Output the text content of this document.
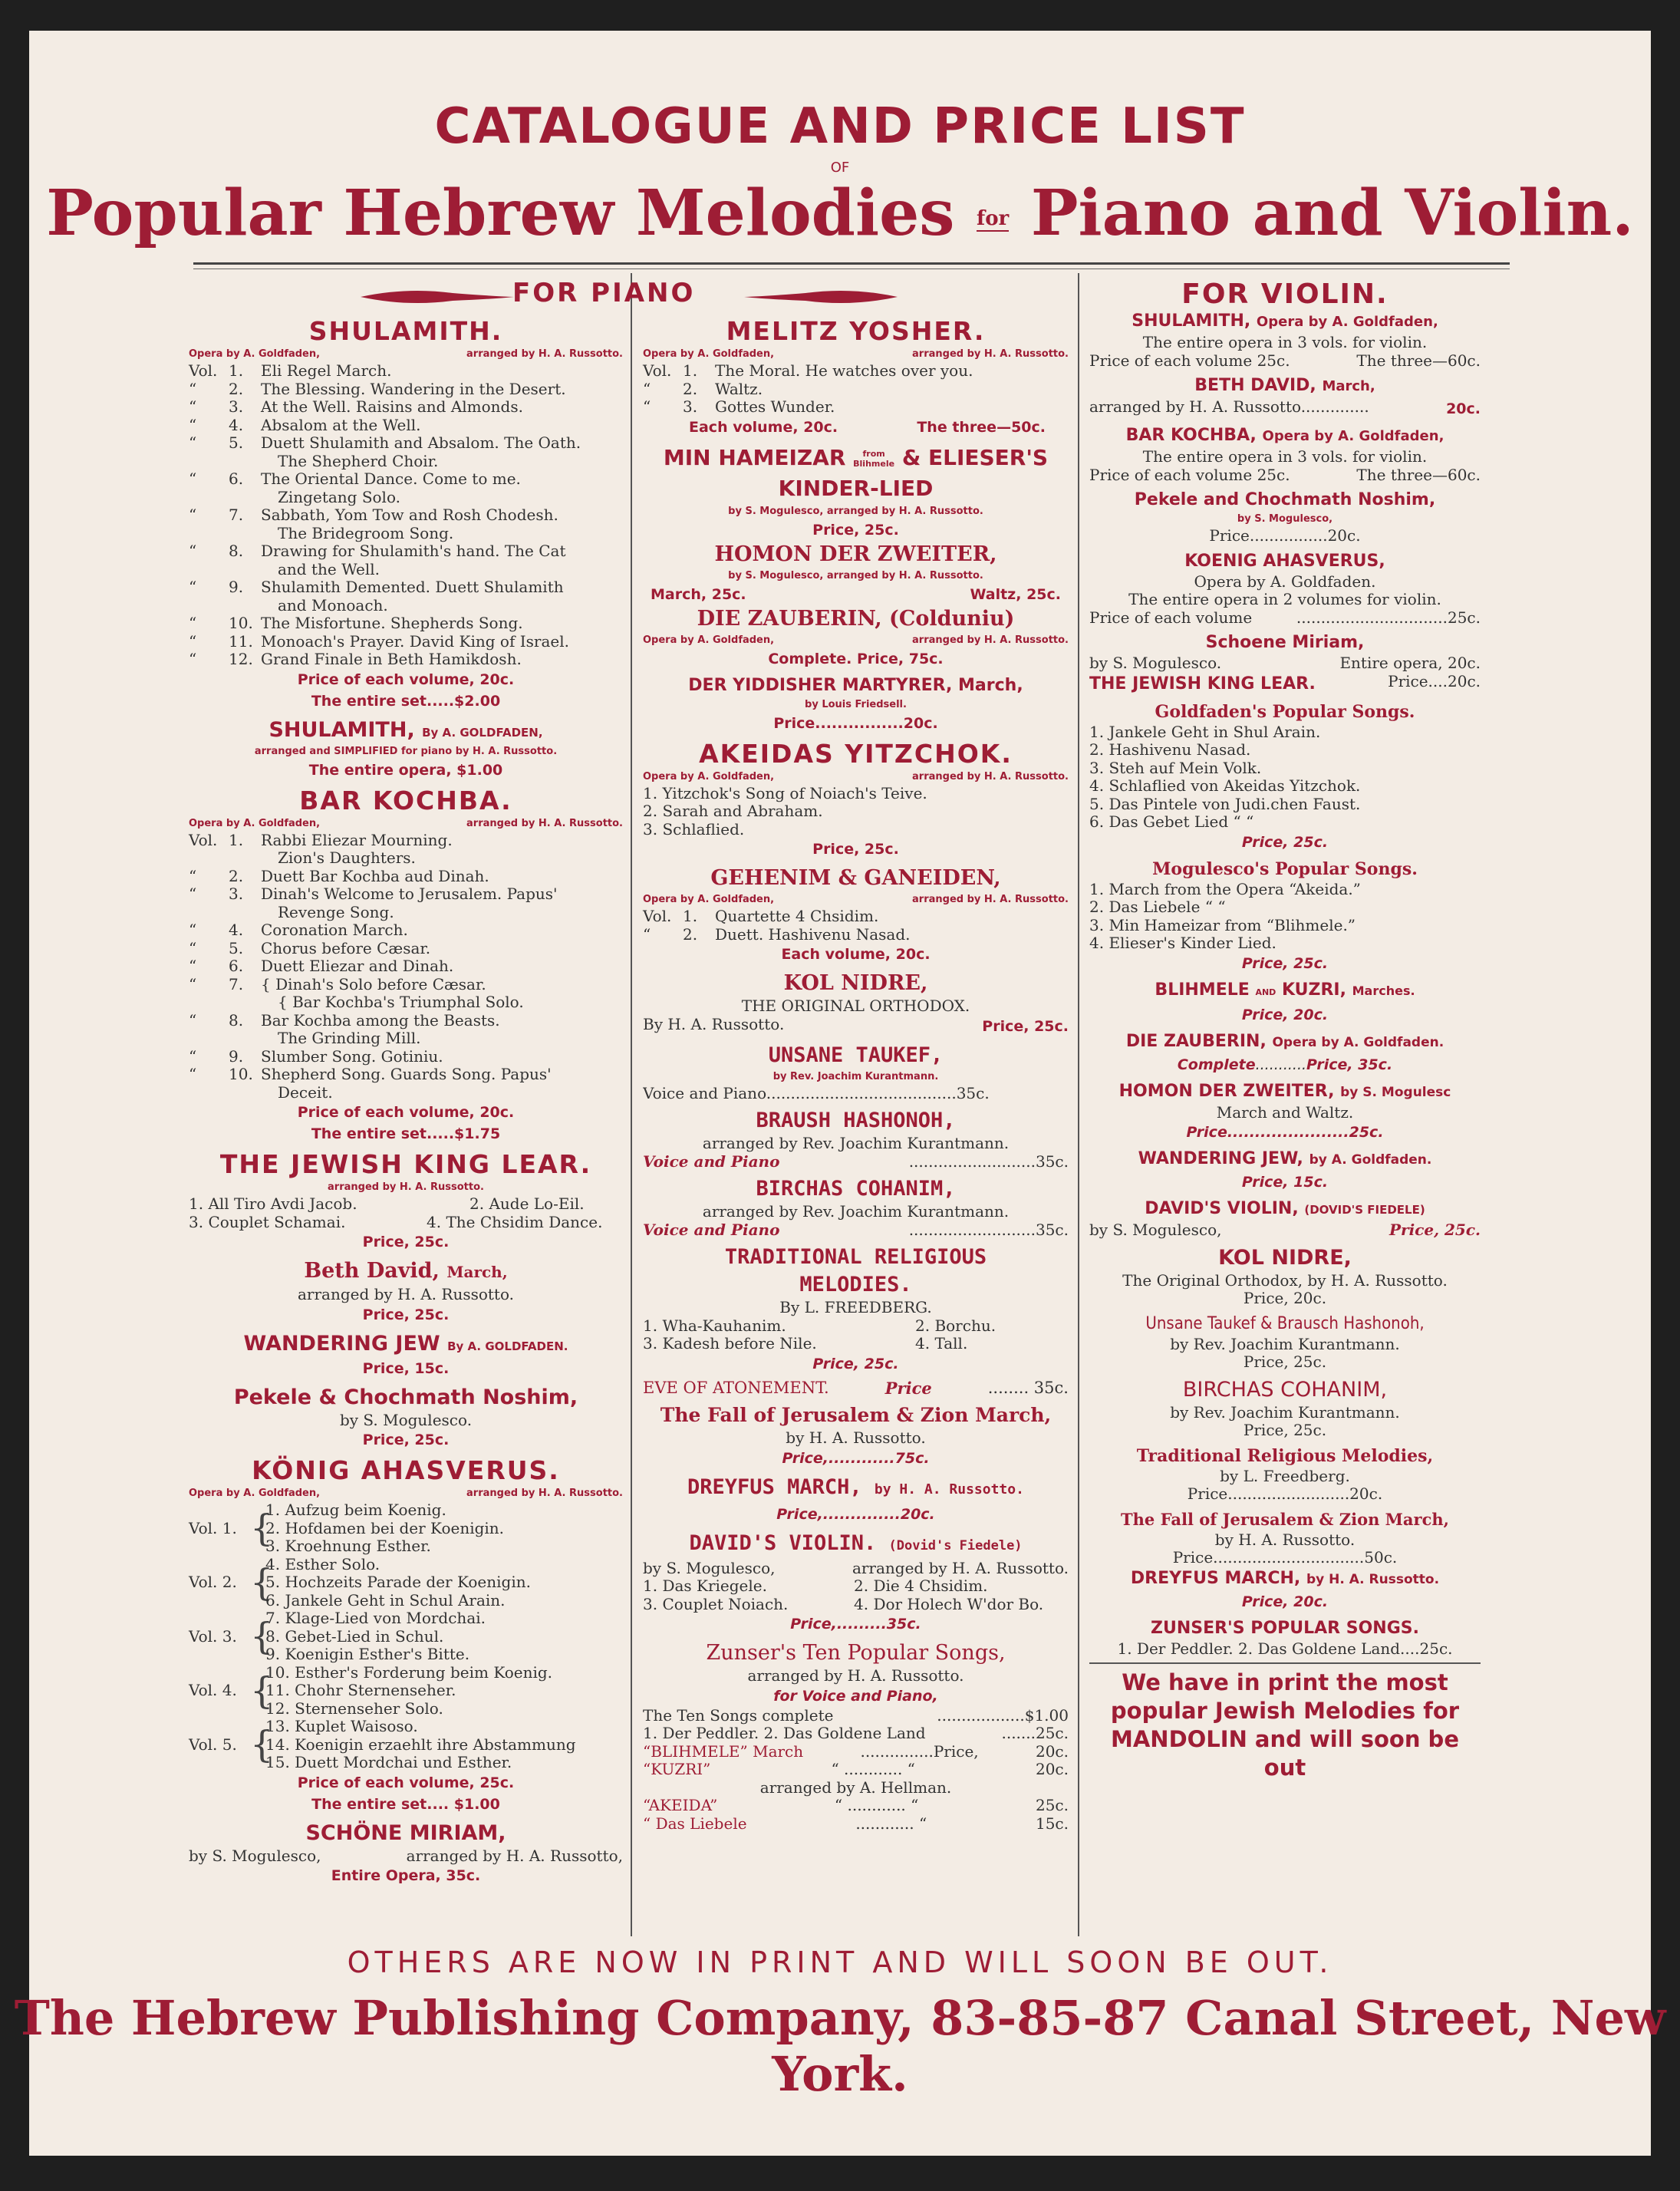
CATALOGUE AND PRICE LIST
OF
Popular Hebrew Melodies for Piano and Violin.
FOR PIANO
SHULAMITH.
Opera by A. Goldfaden,	arranged by H. A. Russotto.
Vol. 1.	Eli Regel March.
“	2.	The Blessing. Wandering in the Desert.
“	3.	At the Well. Raisins and Almonds.
“	4.	Absalom at the Well.
“	5.	Duett Shulamith and Absalom. The Oath.
The Shepherd Choir.
“	6.	The Oriental Dance. Come to me.
Zingetang Solo.
“	7.	Sabbath, Yom Tow and Rosh Chodesh.
The Bridegroom Song.
“	8.	Drawing for Shulamith's hand. The Cat
and the Well.
“	9.	Shulamith Demented. Duett Shulamith
and Monoach.
“	10. The Misfortune. Shepherds Song.
“	11. Monoach's Prayer. David King of Israel.
“	12. Grand Finale in Beth Hamikdosh.
Price of each volume, 20c.
The entire set.....$2.00
SHULAMITH, By A. GOLDFADEN,
arranged and SIMPLIFIED for piano by H. A. Russotto.
The entire opera, $1.00
BAR KOCHBA.
Opera by A. Goldfaden,	arranged by H. A. Russotto.
Vol. 1.	Rabbi Eliezar Mourning.
Zion's Daughters.
“	2.	Duett Bar Kochba aud Dinah.
“	3.	Dinah's Welcome to Jerusalem. Papus'
Revenge Song.
“	4.	Coronation March.
“	5.	Chorus before Cæsar.
“	6.	Duett Eliezar and Dinah.
“	7.	{ Dinah's Solo before Cæsar.
{ Bar Kochba's Triumphal Solo.
“	8.	Bar Kochba among the Beasts.
The Grinding Mill.
“	9.	Slumber Song. Gotiniu.
“	10. Shepherd Song. Guards Song. Papus'
Deceit.
Price of each volume, 20c.
The entire set.....$1.75
THE JEWISH KING LEAR.
arranged by H. A. Russotto.
1. All Tiro Avdi Jacob.	2. Aude Lo-Eil.
3. Couplet Schamai.	4. The Chsidim Dance.
Price, 25c.
Beth David, March,
arranged by H. A. Russotto.
Price, 25c.
WANDERING JEW By A. GOLDFADEN.
Price, 15c.
Pekele & Chochmath Noshim,
by S. Mogulesco.
Price, 25c.
KÖNIG AHASVERUS.
Opera by A. Goldfaden,	arranged by H. A. Russotto.
Vol. 1. {
1. Aufzug beim Koenig.
2. Hofdamen bei der Koenigin.
3. Kroehnung Esther.
Vol. 2. {
4. Esther Solo.
5. Hochzeits Parade der Koenigin.
6. Jankele Geht in Schul Arain.
Vol. 3. {
7. Klage-Lied von Mordchai.
8. Gebet-Lied in Schul.
9. Koenigin Esther's Bitte.
Vol. 4. {
10. Esther's Forderung beim Koenig.
11. Chohr Sternenseher.
12. Sternenseher Solo.
Vol. 5. {
13. Kuplet Waisoso.
14. Koenigin erzaehlt ihre Abstammung
15. Duett Mordchai und Esther.
Price of each volume, 25c.
The entire set.... $1.00
SCHÖNE MIRIAM,
by S. Mogulesco,	arranged by H. A. Russotto,
Entire Opera, 35c.
MELITZ YOSHER.
Opera by A. Goldfaden,	arranged by H. A. Russotto.
Vol. 1.	The Moral. He watches over you.
“	2.	Waltz.
“	3.	Gottes Wunder.
Each volume, 20c.	The three—50c.
MIN HAMEIZAR from
Blihmele & ELIESER'S KINDER-LIED
by S. Mogulesco, arranged by H. A. Russotto.
Price, 25c.
HOMON DER ZWEITER,
by S. Mogulesco, arranged by H. A. Russotto.
March, 25c.	Waltz, 25c.
DIE ZAUBERIN, (Colduniu)
Opera by A. Goldfaden,	arranged by H. A. Russotto.
Complete. Price, 75c.
DER YIDDISHER MARTYRER, March,
by Louis Friedsell.
Price................20c.
AKEIDAS YITZCHOK.
Opera by A. Goldfaden,	arranged by H. A. Russotto.
1. Yitzchok's Song of Noiach's Teive.
2. Sarah and Abraham.
3. Schlaflied.
Price, 25c.
GEHENIM & GANEIDEN,
Opera by A. Goldfaden,	arranged by H. A. Russotto.
Vol. 1.	Quartette 4 Chsidim.
“	2.	Duett. Hashivenu Nasad.
Each volume, 20c.
KOL NIDRE,
THE ORIGINAL ORTHODOX.
By H. A. Russotto.	Price, 25c.
UNSANE TAUKEF,
by Rev. Joachim Kurantmann.
Voice and Piano.......................................35c.
BRAUSH HASHONOH,
arranged by Rev. Joachim Kurantmann.
Voice and Piano	..........................35c.
BIRCHAS COHANIM,
arranged by Rev. Joachim Kurantmann.
Voice and Piano	..........................35c.
TRADITIONAL RELIGIOUS MELODIES.
By L. FREEDBERG.
1. Wha-Kauhanim.	2. Borchu.
3. Kadesh before Nile.	4. Tall.
Price, 25c.
EVE OF ATONEMENT.	Price	........ 35c.
The Fall of Jerusalem & Zion March,
by H. A. Russotto.
Price,............75c.
DREYFUS MARCH, by H. A. Russotto.
Price,..............20c.
DAVID'S VIOLIN. (Dovid's Fiedele)
by S. Mogulesco,	arranged by H. A. Russotto.
1. Das Kriegele.	2. Die 4 Chsidim.
3. Couplet Noiach.	4. Dor Holech W'dor Bo.
Price,.........35c.
Zunser's Ten Popular Songs,
arranged by H. A. Russotto.
for Voice and Piano,
The Ten Songs complete	..................$1.00
1. Der Peddler. 2. Das Goldene Land	.......25c.
“BLIHMELE” March	...............Price,	20c.
“KUZRI”	“ ............ “	20c.
arranged by A. Hellman.
“AKEIDA”	“ ............ “	25c.
“ Das Liebele	............ “	15c.
FOR VIOLIN.
SHULAMITH, Opera by A. Goldfaden,
The entire opera in 3 vols. for violin.
Price of each volume 25c.	The three—60c.
BETH DAVID, March,
arranged by H. A. Russotto..............	20c.
BAR KOCHBA, Opera by A. Goldfaden,
The entire opera in 3 vols. for violin.
Price of each volume 25c.	The three—60c.
Pekele and Chochmath Noshim,
by S. Mogulesco,
Price................20c.
KOENIG AHASVERUS,
Opera by A. Goldfaden.
The entire opera in 2 volumes for violin.
Price of each volume	...............................25c.
Schoene Miriam,
by S. Mogulesco.	Entire opera, 20c.
THE JEWISH KING LEAR.	Price....20c.
Goldfaden's Popular Songs.
1. Jankele Geht in Shul Arain.
2. Hashivenu Nasad.
3. Steh auf Mein Volk.
4. Schlaflied von Akeidas Yitzchok.
5. Das Pintele von Judi.chen Faust.
6. Das Gebet Lied “ “
Price, 25c.
Mogulesco's Popular Songs.
1. March from the Opera “Akeida.”
2. Das Liebele “ “
3. Min Hameizar from “Blihmele.”
4. Elieser's Kinder Lied.
Price, 25c.
BLIHMELE AND KUZRI, Marches.
Price, 20c.
DIE ZAUBERIN, Opera by A. Goldfaden.
Complete...........Price, 35c.
HOMON DER ZWEITER, by S. Mogulesc
March and Waltz.
Price......................25c.
WANDERING JEW, by A. Goldfaden.
Price, 15c.
DAVID'S VIOLIN, (DOVID'S FIEDELE)
by S. Mogulesco,	Price, 25c.
KOL NIDRE,
The Original Orthodox, by H. A. Russotto.
Price, 20c.
Unsane Taukef & Brausch Hashonoh,
by Rev. Joachim Kurantmann.
Price, 25c.
BIRCHAS COHANIM,
by Rev. Joachim Kurantmann.
Price, 25c.
Traditional Religious Melodies,
by L. Freedberg.
Price.........................20c.
The Fall of Jerusalem & Zion March,
by H. A. Russotto.
Price...............................50c.
DREYFUS MARCH, by H. A. Russotto.
Price, 20c.
ZUNSER'S POPULAR SONGS.
1. Der Peddler. 2. Das Goldene Land....25c.
We have in print the most
popular Jewish Melodies for
MANDOLIN and will soon be out
OTHERS ARE NOW IN PRINT AND WILL SOON BE OUT.
The Hebrew Publishing Company, 83-85-87 Canal Street, New York.
